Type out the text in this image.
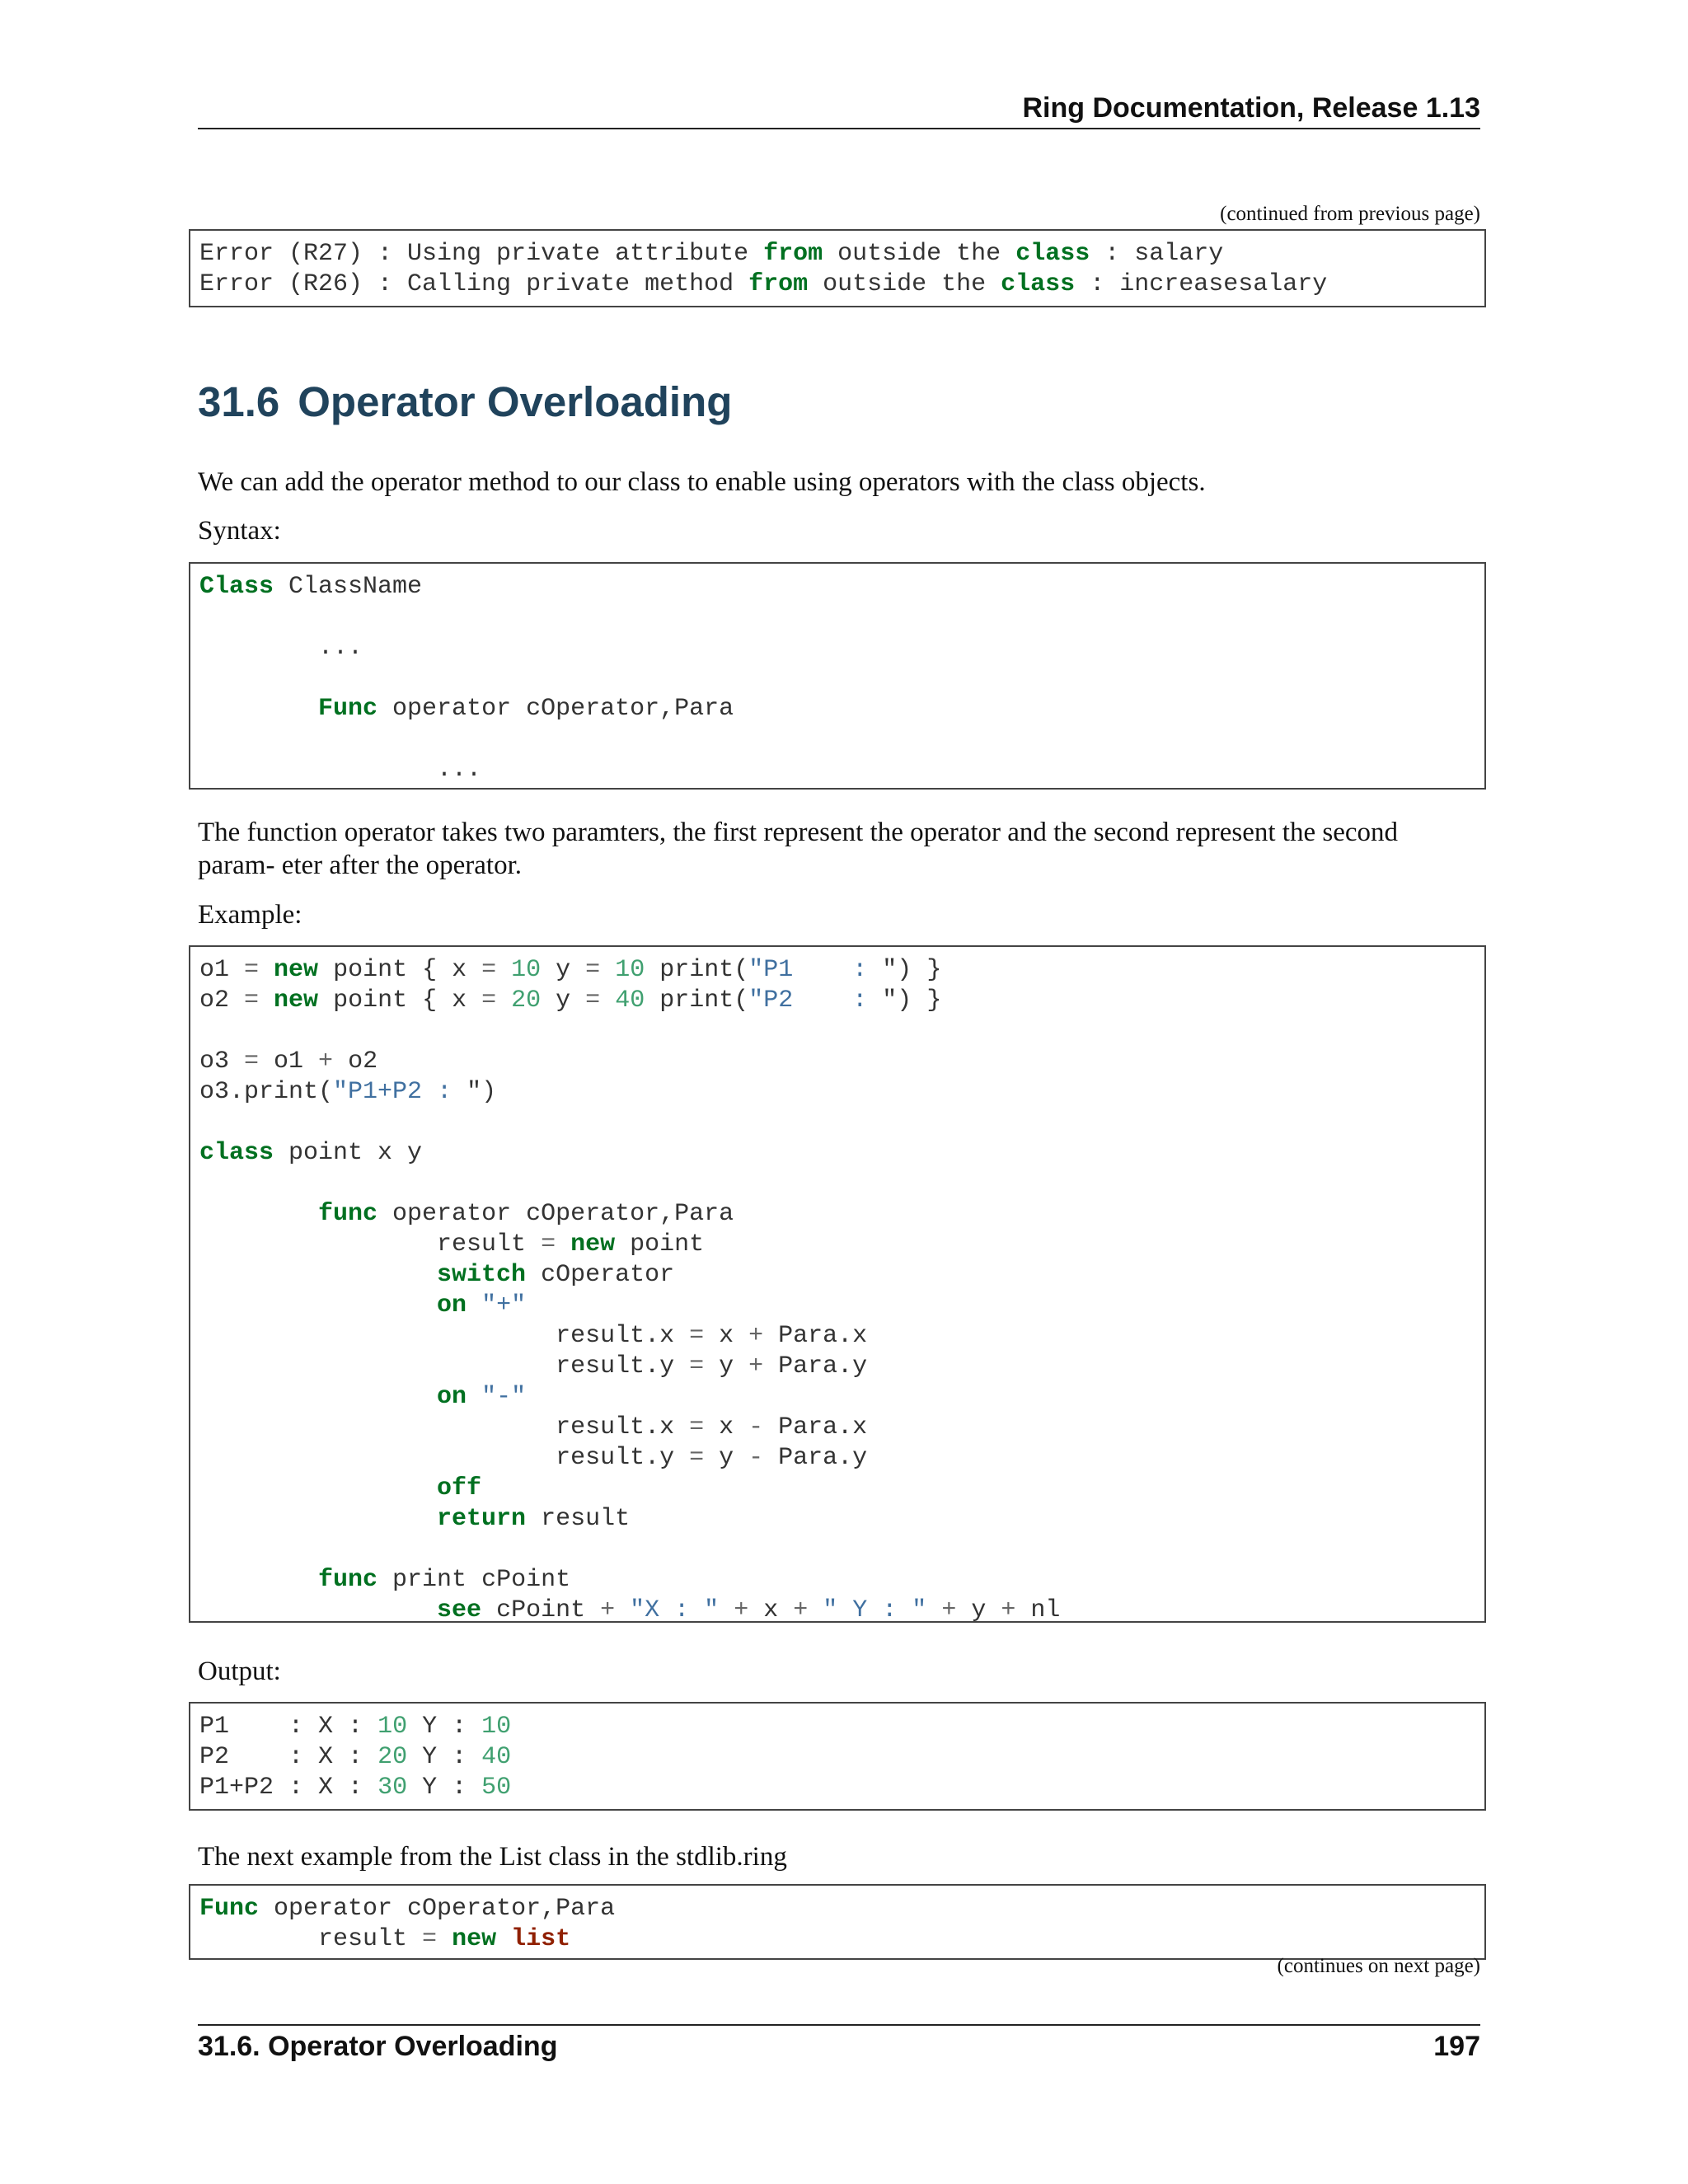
Ring Documentation, Release 1.13
(continued from previous page)
Error (R27) : Using private attribute from outside the class : salary
Error (R26) : Calling private method from outside the class : increasesalary
31.6 Operator Overloading
We can add the operator method to our class to enable using operators with the class objects.
Syntax:
Class ClassName

...

Func operator cOperator,Para

...
The function operator takes two paramters, the first represent the operator and the second represent the second param- eter after the operator.
Example:
o1 = new point { x = 10 y = 10 print("P1    : ") }
o2 = new point { x = 20 y = 40 print("P2    : ") }

o3 = o1 + o2
o3.print("P1+P2 : ")

class point x y

func operator cOperator,Para
result = new point
switch cOperator
on "+"
result.x = x + Para.x
result.y = y + Para.y
on "-"
result.x = x - Para.x
result.y = y - Para.y
off
return result

func print cPoint
see cPoint + "X : " + x + " Y : " + y + nl
Output:
P1    : X : 10 Y : 10
P2    : X : 20 Y : 40
P1+P2 : X : 30 Y : 50
The next example from the List class in the stdlib.ring
Func operator cOperator,Para
result = new list
(continues on next page)
31.6. Operator Overloading	197
